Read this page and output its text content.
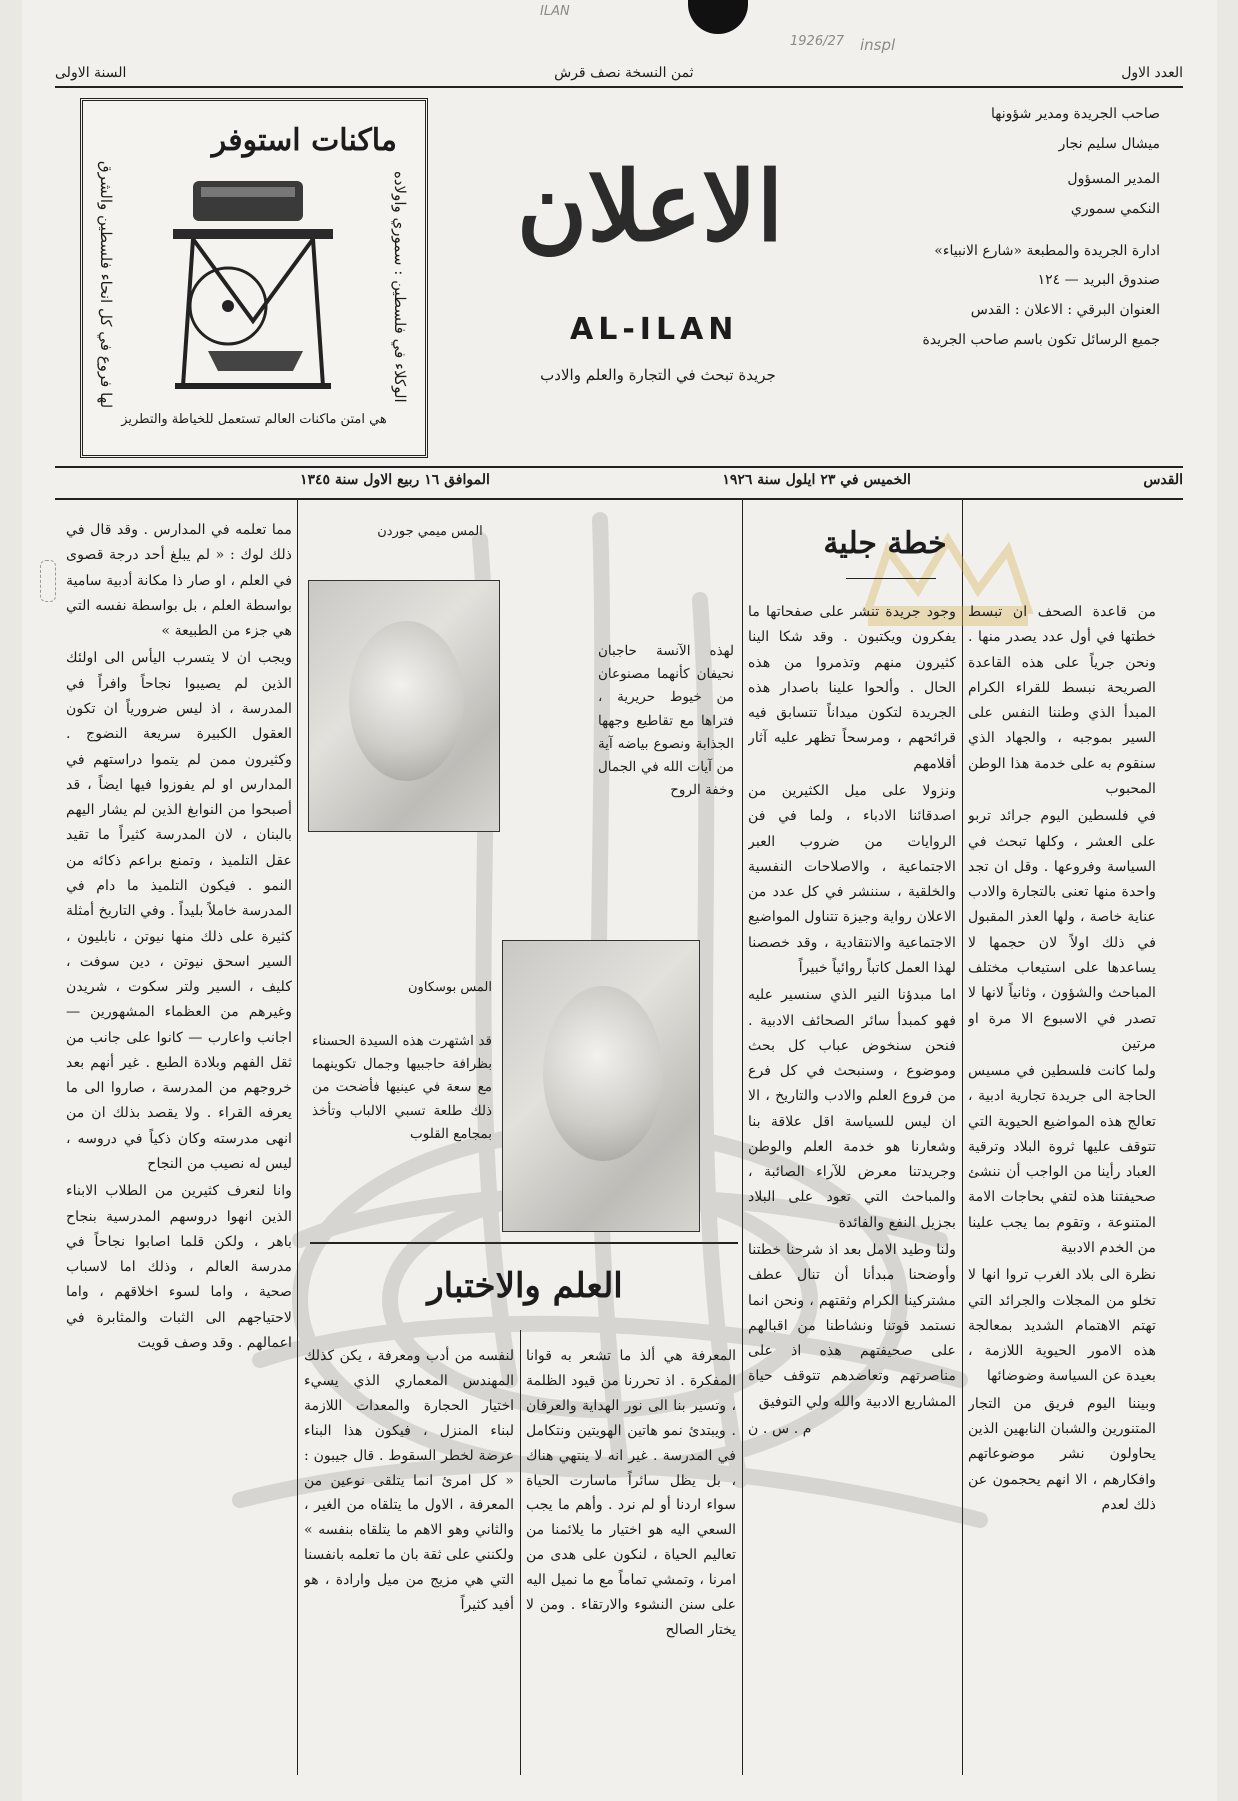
ILAN
1926/27 inspl
العدد الاول
ثمن النسخة نصف قرش
السنة الاولى
ماكنات استوفر
الوكلاء في فلسطين : سموري واولاده
لها فروع في كل انحاء فلسطين والشرق
هي امتن ماكنات العالم تستعمل للخياطة والتطريز
الاعلان
AL-ILAN
جريدة تبحث في التجارة والعلم والادب
صاحب الجريدة ومدير شؤونها
ميشال سليم نجار
المدير المسؤول
النكمي سموري
ادارة الجريدة والمطبعة «شارع الانبياء»
صندوق البريد — ١٢٤
العنوان البرقي : الاعلان : القدس
جميع الرسائل تكون باسم صاحب الجريدة
القدس
الخميس في ٢٣ ايلول سنة ١٩٢٦
الموافق ١٦ ربيع الاول سنة ١٣٤٥
خطة جلية

من قاعدة الصحف ان تبسط خطتها في أول عدد يصدر منها . ونحن جرياً على هذه القاعدة الصريحة نبسط للقراء الكرام المبدأ الذي وطننا النفس على السير بموجبه ، والجهاد الذي سنقوم به على خدمة هذا الوطن المحبوب

في فلسطين اليوم جرائد تربو على العشر ، وكلها تبحث في السياسة وفروعها . وقل ان تجد واحدة منها تعنى بالتجارة والادب عناية خاصة ، ولها العذر المقبول في ذلك اولاً لان حجمها لا يساعدها على استيعاب مختلف المباحث والشؤون ، وثانياً لانها لا تصدر في الاسبوع الا مرة او مرتين

ولما كانت فلسطين في مسيس الحاجة الى جريدة تجارية ادبية ، تعالج هذه المواضيع الحيوية التي تتوقف عليها ثروة البلاد وترقية العباد رأينا من الواجب أن ننشئ صحيفتنا هذه لتفي بحاجات الامة المتنوعة ، وتقوم بما يجب علينا من الخدم الادبية

نظرة الى بلاد الغرب تروا انها لا تخلو من المجلات والجرائد التي تهتم الاهتمام الشديد بمعالجة هذه الامور الحيوية اللازمة ، بعيدة عن السياسة وضوضائها

وبيننا اليوم فريق من التجار المتنورين والشبان النابهين الذين يحاولون نشر موضوعاتهم وافكارهم ، الا انهم يحجمون عن ذلك لعدم

وجود جريدة تنشر على صفحاتها ما يفكرون ويكتبون . وقد شكا الينا كثيرون منهم وتذمروا من هذه الحال . وألحوا علينا باصدار هذه الجريدة لتكون ميداناً تتسابق فيه قرائحهم ، ومرسحاً تظهر عليه آثار أقلامهم

ونزولا على ميل الكثيرين من اصدقائنا الادباء ، ولما في فن الروايات من ضروب العبر الاجتماعية ، والاصلاحات النفسية والخلقية ، سننشر في كل عدد من الاعلان رواية وجيزة تتناول المواضيع الاجتماعية والانتقادية ، وقد خصصنا لهذا العمل كاتباً روائياً خبيراً

اما مبدؤنا النير الذي سنسير عليه فهو كمبدأ سائر الصحائف الادبية . فنحن سنخوض عباب كل بحث وموضوع ، وسنبحث في كل فرع من فروع العلم والادب والتاريخ ، الا ان ليس للسياسة اقل علاقة بنا وشعارنا هو خدمة العلم والوطن وجريدتنا معرض للآراء الصائبة ، والمباحث التي تعود على البلاد بجزيل النفع والفائدة

ولنا وطيد الامل بعد اذ شرحنا خطتنا وأوضحنا مبدأنا أن تنال عطف مشتركينا الكرام وثقتهم ، ونحن انما نستمد قوتنا ونشاطنا من اقبالهم على صحيفتهم هذه اذ على مناصرتهم وتعاضدهم تتوقف حياة المشاريع الادبية والله ولي التوفيق

م . س . ن

المس ميمي جوردن
لهذه الآنسة حاجبان نحيفان كأنهما مصنوعان من خيوط حريرية ، فتراها مع تقاطيع وجهها الجذابة ونصوع بياضه آية من آيات الله في الجمال وخفة الروح
المس بوسكاون
قد اشتهرت هذه السيدة الحسناء بظرافة حاجبيها وجمال تكوينهما مع سعة في عينيها فأضحت من ذلك طلعة تسبي الالباب وتأخذ بمجامع القلوب
العلم والاختبار
المعرفة هي ألذ ما تشعر به قوانا المفكرة . اذ تحررنا من قيود الظلمة ، وتسير بنا الى نور الهداية والعرفان . ويبتدئ نمو هاتين الهويتين ونتكامل في المدرسة . غير انه لا ينتهي هناك ، بل يظل سائراً ماسارت الحياة سواء اردنا أو لم نرد . وأهم ما يجب السعي اليه هو اختيار ما يلائمنا من تعاليم الحياة ، لنكون على هدى من امرنا ، وتمشي تماماً مع ما نميل اليه على سنن النشوء والارتقاء . ومن لا يختار الصالح
لنفسه من أدب ومعرفة ، يكن كذلك المهندس المعماري الذي يسيء اختيار الحجارة والمعدات اللازمة لبناء المنزل ، فيكون هذا البناء عرضة لخطر السقوط . قال جيبون : « كل امرئ انما يتلقى نوعين من المعرفة ، الاول ما يتلقاه من الغير ، والثاني وهو الاهم ما يتلقاه بنفسه » ولكنني على ثقة بان ما تعلمه بانفسنا التي هي مزيج من ميل وارادة ، هو أفيد كثيراً

مما تعلمه في المدارس . وقد قال في ذلك لوك : « لم يبلغ أحد درجة قصوى في العلم ، او صار ذا مكانة أدبية سامية بواسطة العلم ، بل بواسطة نفسه التي هي جزء من الطبيعة »

ويجب ان لا يتسرب اليأس الى اولئك الذين لم يصيبوا نجاحاً وافراً في المدرسة ، اذ ليس ضرورياً ان تكون العقول الكبيرة سريعة النضوج . وكثيرون ممن لم يتموا دراستهم في المدارس او لم يفوزوا فيها ايضاً ، قد أصبحوا من النوابغ الذين لم يشار اليهم بالبنان ، لان المدرسة كثيراً ما تقيد عقل التلميذ ، وتمنع براعم ذكائه من النمو . فيكون التلميذ ما دام في المدرسة خاملاً بليداً . وفي التاريخ أمثلة كثيرة على ذلك منها نيوتن ، نابليون ، السير اسحق نيوتن ، دين سوفت ، كليف ، السير ولتر سكوت ، شريدن وغيرهم من العظماء المشهورين — اجانب واعارب — كانوا على جانب من ثقل الفهم وبلادة الطبع . غير أنهم بعد خروجهم من المدرسة ، صاروا الى ما يعرفه القراء . ولا يقصد بذلك ان من انهى مدرسته وكان ذكياً في دروسه ، ليس له نصيب من النجاح

وانا لنعرف كثيرين من الطلاب الابناء الذين انهوا دروسهم المدرسية بنجاح باهر ، ولكن قلما اصابوا نجاحاً في مدرسة العالم ، وذلك اما لاسباب صحية ، واما لسوء اخلاقهم ، واما لاحتياجهم الى الثبات والمثابرة في اعمالهم . وقد وصف قويت
